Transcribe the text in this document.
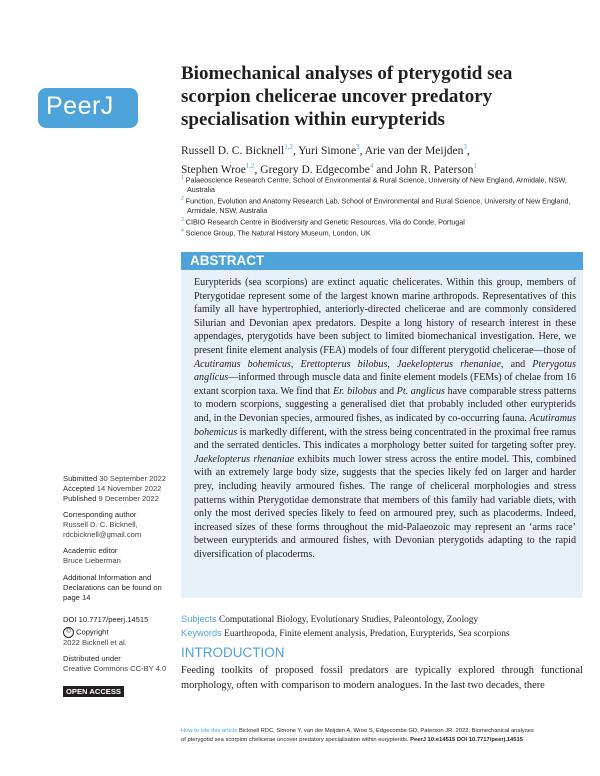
PeerJ
Biomechanical analyses of pterygotid sea scorpion chelicerae uncover predatory specialisation within eurypterids
Russell D. C. Bicknell$^{1,2}$, Yuri Simone$^3$, Arie van der Meijden$^3$,
Stephen Wroe$^{1,2}$, Gregory D. Edgecombe$^4$ and John R. Paterson$^1$
$^1$ Palaeoscience Research Centre, School of Environmental & Rural Science, University of New England, Armidale, NSW, Australia
$^2$ Function, Evolution and Anatomy Research Lab, School of Environmental and Rural Science, University of New England, Armidale, NSW, Australia
$^3$ CIBIO Research Centre in Biodiversity and Genetic Resources, Vila do Conde, Portugal
$^4$ Science Group, The Natural History Museum, London, UK
ABSTRACT
Eurypterids (sea scorpions) are extinct aquatic chelicerates. Within this group, members of Pterygotidae represent some of the largest known marine arthropods. Representatives of this family all have hypertrophied, anteriorly-directed chelicerae and are commonly considered Silurian and Devonian apex predators. Despite a long history of research interest in these appendages, pterygotids have been subject to limited biomechanical investigation. Here, we present finite element analysis (FEA) models of four different pterygotid chelicerae—those of Acutiramus bohemicus, Erettopterus bilobus, Jaekelopterus rhenaniae, and Pterygotus anglicus—informed through muscle data and finite element models (FEMs) of chelae from 16 extant scorpion taxa. We find that Er. bilobus and Pt. anglicus have comparable stress patterns to modern scorpions, suggesting a generalised diet that probably included other eurypterids and, in the Devonian species, armoured fishes, as indicated by co-occurring fauna. Acutiramus bohemicus is markedly different, with the stress being concentrated in the proximal free ramus and the serrated denticles. This indicates a morphology better suited for targeting softer prey. Jaekelopterus rhenaniae exhibits much lower stress across the entire model. This, combined with an extremely large body size, suggests that the species likely fed on larger and harder prey, including heavily armoured fishes. The range of cheliceral morphologies and stress patterns within Pterygotidae demonstrate that members of this family had variable diets, with only the most derived species likely to feed on armoured prey, such as placoderms. Indeed, increased sizes of these forms throughout the mid-Palaeozoic may represent an ‘arms race’ between eurypterids and armoured fishes, with Devonian pterygotids adapting to the rapid diversification of placoderms.
Subjects Computational Biology, Evolutionary Studies, Paleontology, Zoology
Keywords Euarthropoda, Finite element analysis, Predation, Eurypterids, Sea scorpions
INTRODUCTION
Feeding toolkits of proposed fossil predators are typically explored through functional morphology, often with comparison to modern analogues. In the last two decades, there
Submitted 30 September 2022
Accepted 14 November 2022
Published 9 December 2022
Corresponding author
Russell D. C. Bicknell,
rdcbicknell@gmail.com
Academic editor
Bruce Lieberman
Additional Information and Declarations can be found on page 14
DOI 10.7717/peerj.14515
© Copyright
2022 Bicknell et al.
Distributed under
Creative Commons CC-BY 4.0
OPEN ACCESS
How to cite this article Bicknell RDC, Simone Y, van der Meijden A, Wroe S, Edgecombe GD, Paterson JR. 2022. Biomechanical analyses
of pterygotid sea scorpion chelicerae uncover predatory specialisation within eurypterids. PeerJ 10:e14515 DOI 10.7717/peerj.14515
